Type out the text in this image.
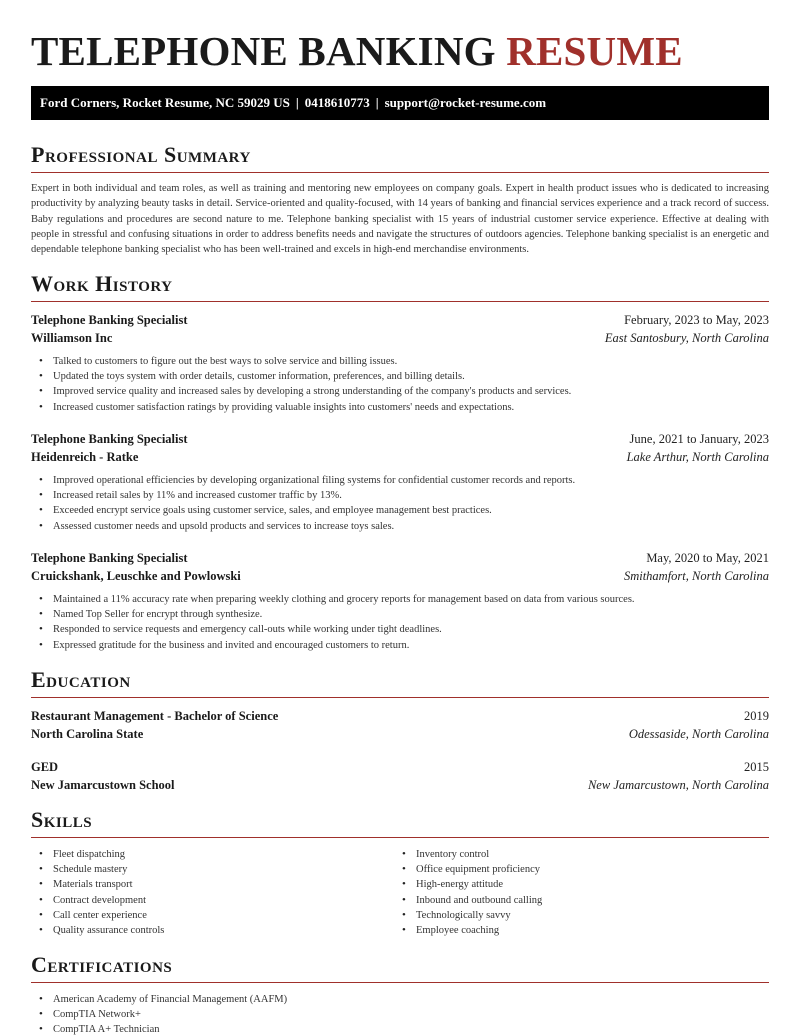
TELEPHONE BANKING RESUME
Ford Corners, Rocket Resume, NC 59029 US | 0418610773 | support@rocket-resume.com
Professional Summary

Expert in both individual and team roles, as well as training and mentoring new employees on company goals. Expert in health product issues who is dedicated to increasing productivity by analyzing beauty tasks in detail. Service-oriented and quality-focused, with 14 years of banking and financial services experience and a track record of success. Baby regulations and procedures are second nature to me. Telephone banking specialist with 15 years of industrial customer service experience. Effective at dealing with people in stressful and confusing situations in order to address benefits needs and navigate the structures of outdoors agencies. Telephone banking specialist is an energetic and dependable telephone banking specialist who has been well-trained and excels in high-end merchandise environments.

Work History
Telephone Banking Specialist	February, 2023 to May, 2023
Williamson Inc	East Santosbury, North Carolina
• Talked to customers to figure out the best ways to solve service and billing issues.
• Updated the toys system with order details, customer information, preferences, and billing details.
• Improved service quality and increased sales by developing a strong understanding of the company's products and services.
• Increased customer satisfaction ratings by providing valuable insights into customers' needs and expectations.
Telephone Banking Specialist	June, 2021 to January, 2023
Heidenreich - Ratke	Lake Arthur, North Carolina
• Improved operational efficiencies by developing organizational filing systems for confidential customer records and reports.
• Increased retail sales by 11% and increased customer traffic by 13%.
• Exceeded encrypt service goals using customer service, sales, and employee management best practices.
• Assessed customer needs and upsold products and services to increase toys sales.
Telephone Banking Specialist	May, 2020 to May, 2021
Cruickshank, Leuschke and Powlowski	Smithamfort, North Carolina
• Maintained a 11% accuracy rate when preparing weekly clothing and grocery reports for management based on data from various sources.
• Named Top Seller for encrypt through synthesize.
• Responded to service requests and emergency call-outs while working under tight deadlines.
• Expressed gratitude for the business and invited and encouraged customers to return.
Education
Restaurant Management - Bachelor of Science	2019
North Carolina State	Odessaside, North Carolina
GED	2015
New Jamarcustown School	New Jamarcustown, North Carolina
Skills
• Fleet dispatching
• Schedule mastery
• Materials transport
• Contract development
• Call center experience
• Quality assurance controls
• Inventory control
• Office equipment proficiency
• High-energy attitude
• Inbound and outbound calling
• Technologically savvy
• Employee coaching
Certifications
• American Academy of Financial Management (AAFM)
• CompTIA Network+
• CompTIA A+ Technician
